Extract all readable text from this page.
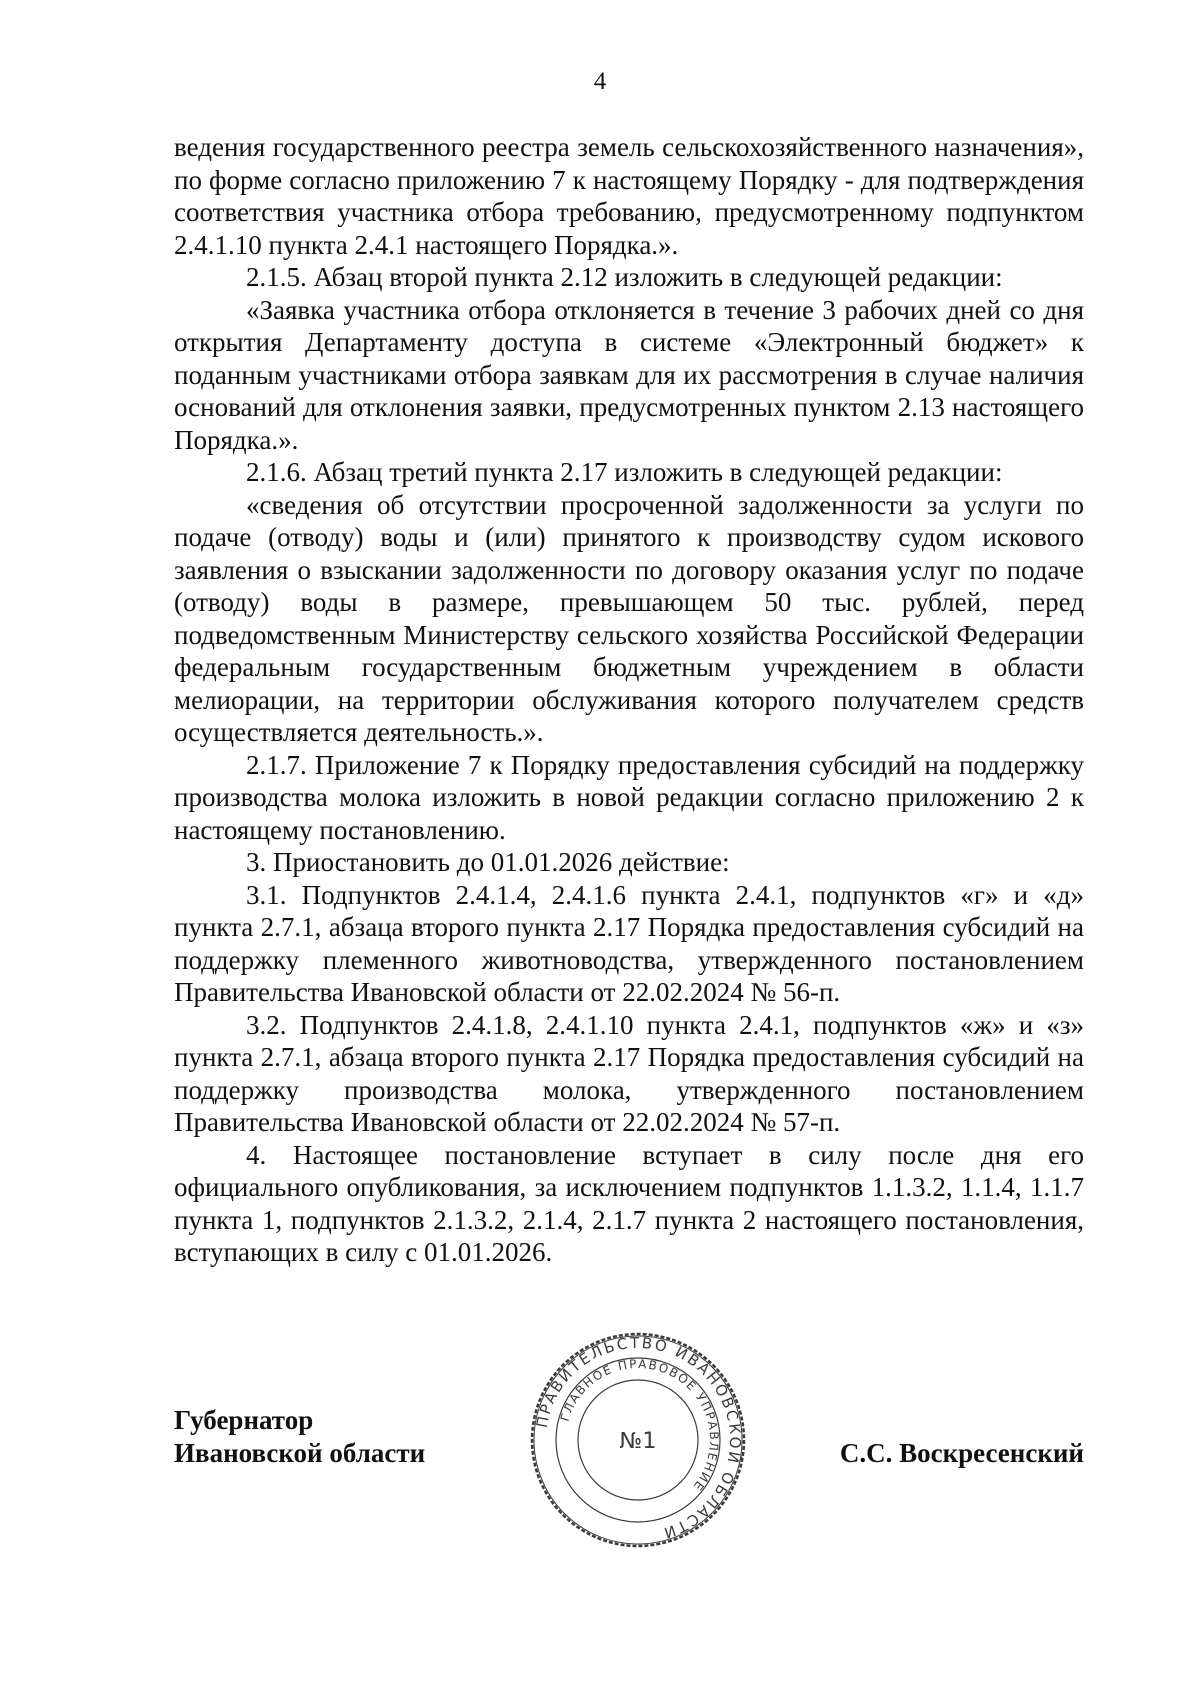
4

ведения государственного реестра земель сельскохозяйственного назначения», по форме согласно приложению 7 к настоящему Порядку - для подтверждения соответствия участника отбора требованию, предусмотренному подпунктом 2.4.1.10 пункта 2.4.1 настоящего Порядка.».

2.1.5. Абзац второй пункта 2.12 изложить в следующей редакции:

«Заявка участника отбора отклоняется в течение 3 рабочих дней со дня открытия Департаменту доступа в системе «Электронный бюджет» к поданным участниками отбора заявкам для их рассмотрения в случае наличия оснований для отклонения заявки, предусмотренных пунктом 2.13 настоящего Порядка.».

2.1.6. Абзац третий пункта 2.17 изложить в следующей редакции:

«сведения об отсутствии просроченной задолженности за услуги по подаче (отводу) воды и (или) принятого к производству судом искового заявления о взыскании задолженности по договору оказания услуг по подаче (отводу) воды в размере, превышающем 50 тыс. рублей, перед подведомственным Министерству сельского хозяйства Российской Федерации федеральным государственным бюджетным учреждением в области мелиорации, на территории обслуживания которого получателем средств осуществляется деятельность.».

2.1.7. Приложение 7 к Порядку предоставления субсидий на поддержку производства молока изложить в новой редакции согласно приложению 2 к настоящему постановлению.

3. Приостановить до 01.01.2026 действие:

3.1. Подпунктов 2.4.1.4, 2.4.1.6 пункта 2.4.1, подпунктов «г» и «д» пункта 2.7.1, абзаца второго пункта 2.17 Порядка предоставления субсидий на поддержку племенного животноводства, утвержденного постановлением Правительства Ивановской области от 22.02.2024 № 56-п.

3.2. Подпунктов 2.4.1.8, 2.4.1.10 пункта 2.4.1, подпунктов «ж» и «з» пункта 2.7.1, абзаца второго пункта 2.17 Порядка предоставления субсидий на поддержку производства молока, утвержденного постановлением Правительства Ивановской области от 22.02.2024 № 57-п.

4. Настоящее постановление вступает в силу после дня его официального опубликования, за исключением подпунктов 1.1.3.2, 1.1.4, 1.1.7 пункта 1, подпунктов 2.1.3.2, 2.1.4, 2.1.7 пункта 2 настоящего постановления, вступающих в силу с 01.01.2026.

Губернатор
Ивановской области
ПРАВИТЕЛЬСТВО ИВАНОВСКОЙ ОБЛАСТИ
ГЛАВНОЕ ПРАВОВОЕ УПРАВЛЕНИЕ
№1	С.С. Воскресенский
